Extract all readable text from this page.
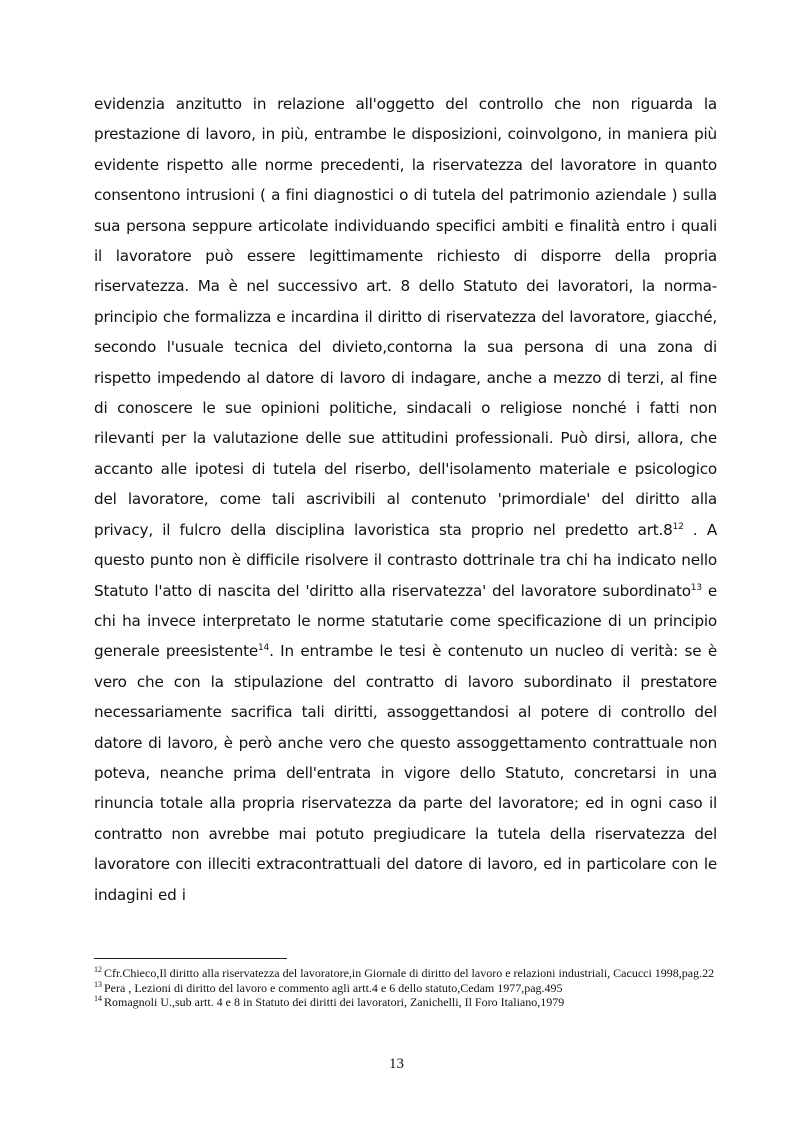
evidenzia anzitutto in relazione all'oggetto del controllo che non riguarda la prestazione di lavoro, in più, entrambe le disposizioni, coinvolgono, in maniera più evidente rispetto alle norme precedenti, la riservatezza del lavoratore in quanto consentono intrusioni ( a fini diagnostici o di tutela del patrimonio aziendale ) sulla sua persona seppure articolate individuando specifici ambiti e finalità entro i quali il lavoratore può essere legittimamente richiesto di disporre della propria riservatezza. Ma è nel successivo art. 8 dello Statuto dei lavoratori, la norma-principio che formalizza e incardina il diritto di riservatezza del lavoratore, giacché, secondo l'usuale tecnica del divieto,contorna la sua persona di una zona di rispetto impedendo al datore di lavoro di indagare, anche a mezzo di terzi, al fine di conoscere le sue opinioni politiche, sindacali o religiose nonché i fatti non rilevanti per la valutazione delle sue attitudini professionali. Può dirsi, allora, che accanto alle ipotesi di tutela del riserbo, dell'isolamento materiale e psicologico del lavoratore, come tali ascrivibili al contenuto 'primordiale' del diritto alla privacy, il fulcro della disciplina lavoristica sta proprio nel predetto $art.8^{12}$ . A questo punto non è difficile risolvere il contrasto dottrinale tra chi ha indicato nello Statuto l'atto di nascita del 'diritto alla riservatezza' del lavoratore subordinato$^{13}$ e chi ha invece interpretato le norme statutarie come specificazione di un principio generale preesistente$^{14}$. In entrambe le tesi è contenuto un nucleo di verità: se è vero che con la stipulazione del contratto di lavoro subordinato il prestatore necessariamente sacrifica tali diritti, assoggettandosi al potere di controllo del datore di lavoro, è però anche vero che questo assoggettamento contrattuale non poteva, neanche prima dell'entrata in vigore dello Statuto, concretarsi in una rinuncia totale alla propria riservatezza da parte del lavoratore; ed in ogni caso il contratto non avrebbe mai potuto pregiudicare la tutela della riservatezza del lavoratore con illeciti extracontrattuali del datore di lavoro, ed in particolare con le indagini ed i

$^{12}$ Cfr.Chieco,Il diritto alla riservatezza del lavoratore,in Giornale di diritto del lavoro e relazioni industriali, Cacucci 1998,pag.22

$^{13}$ Pera , Lezioni di diritto del lavoro e commento agli artt.4 e 6 dello statuto,Cedam 1977,pag.495

$^{14}$ Romagnoli U.,sub artt. 4 e 8 in Statuto dei diritti dei lavoratori, Zanichelli, Il Foro Italiano,1979

13
